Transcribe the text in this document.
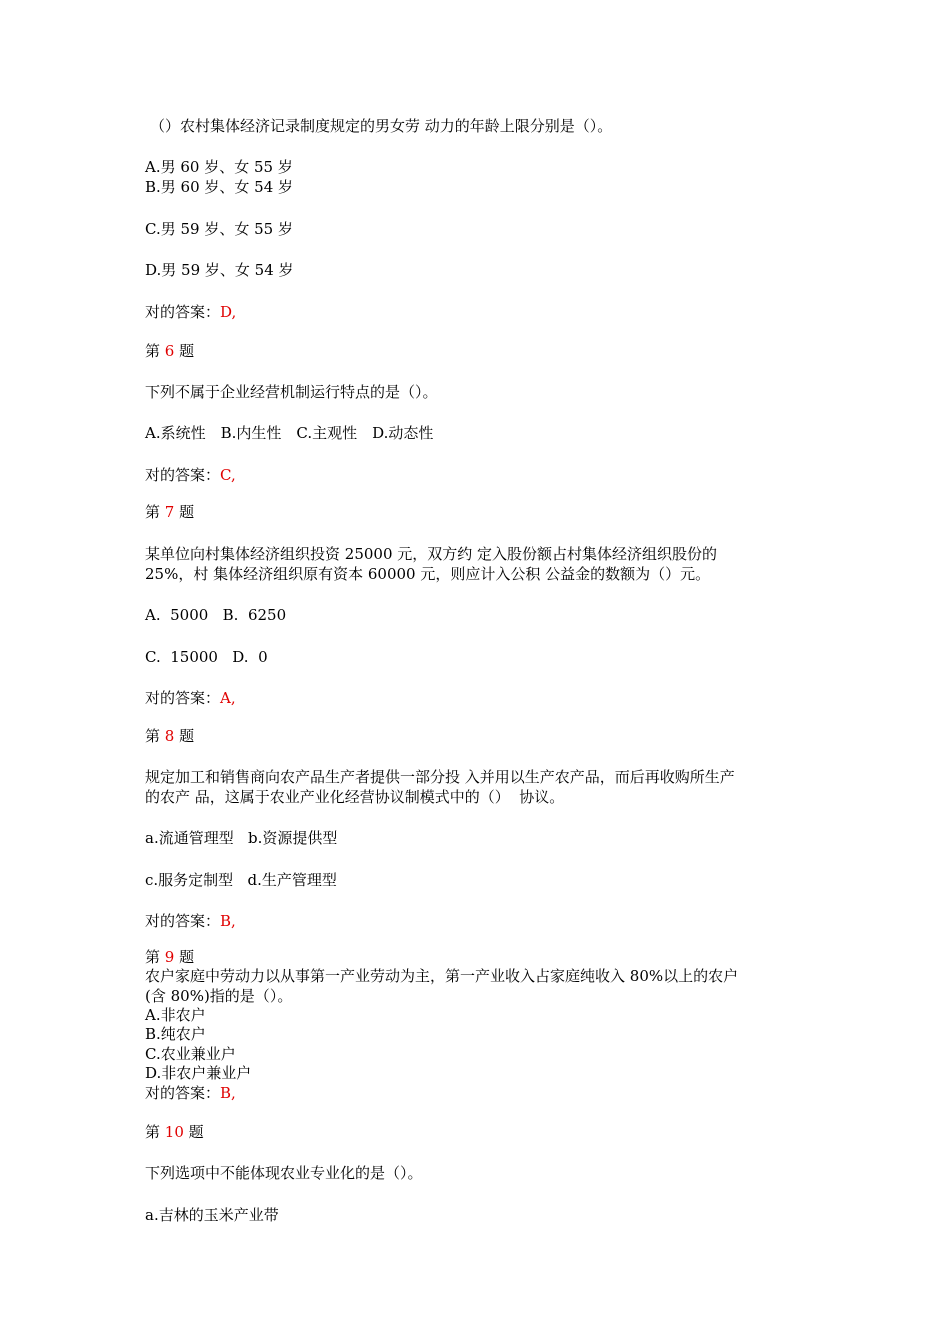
（）农村集体经济记录制度规定的男女劳 动力的年龄上限分别是（）。
A.男 60 岁、女 55 岁
B.男 60 岁、女 54 岁
C.男 59 岁、女 55 岁
D.男 59 岁、女 54 岁
对的答案：D,
第 6 题
下列不属于企业经营机制运行特点的是（）。
A.系统性　B.内生性　C.主观性　D.动态性
对的答案：C,
第 7 题
某单位向村集体经济组织投资 25000 元，双方约 定入股份额占村集体经济组织股份的
25%，村 集体经济组织原有资本 60000 元，则应计入公积 公益金的数额为（）元。
A.  5000   B.  6250
C.  15000   D.  0
对的答案：A,
第 8 题
规定加工和销售商向农产品生产者提供一部分投 入并用以生产农产品，而后再收购所生产
的农产 品，这属于农业产业化经营协议制模式中的（）  协议。
a.流通管理型   b.资源提供型
c.服务定制型   d.生产管理型
对的答案：B,
第 9 题
农户家庭中劳动力以从事第一产业劳动为主，第一产业收入占家庭纯收入 80%以上的农户
(含 80%)指的是（）。
A.非农户
B.纯农户
C.农业兼业户
D.非农户兼业户
对的答案：B,
第 10 题
下列选项中不能体现农业专业化的是（）。
a.吉林的玉米产业带
